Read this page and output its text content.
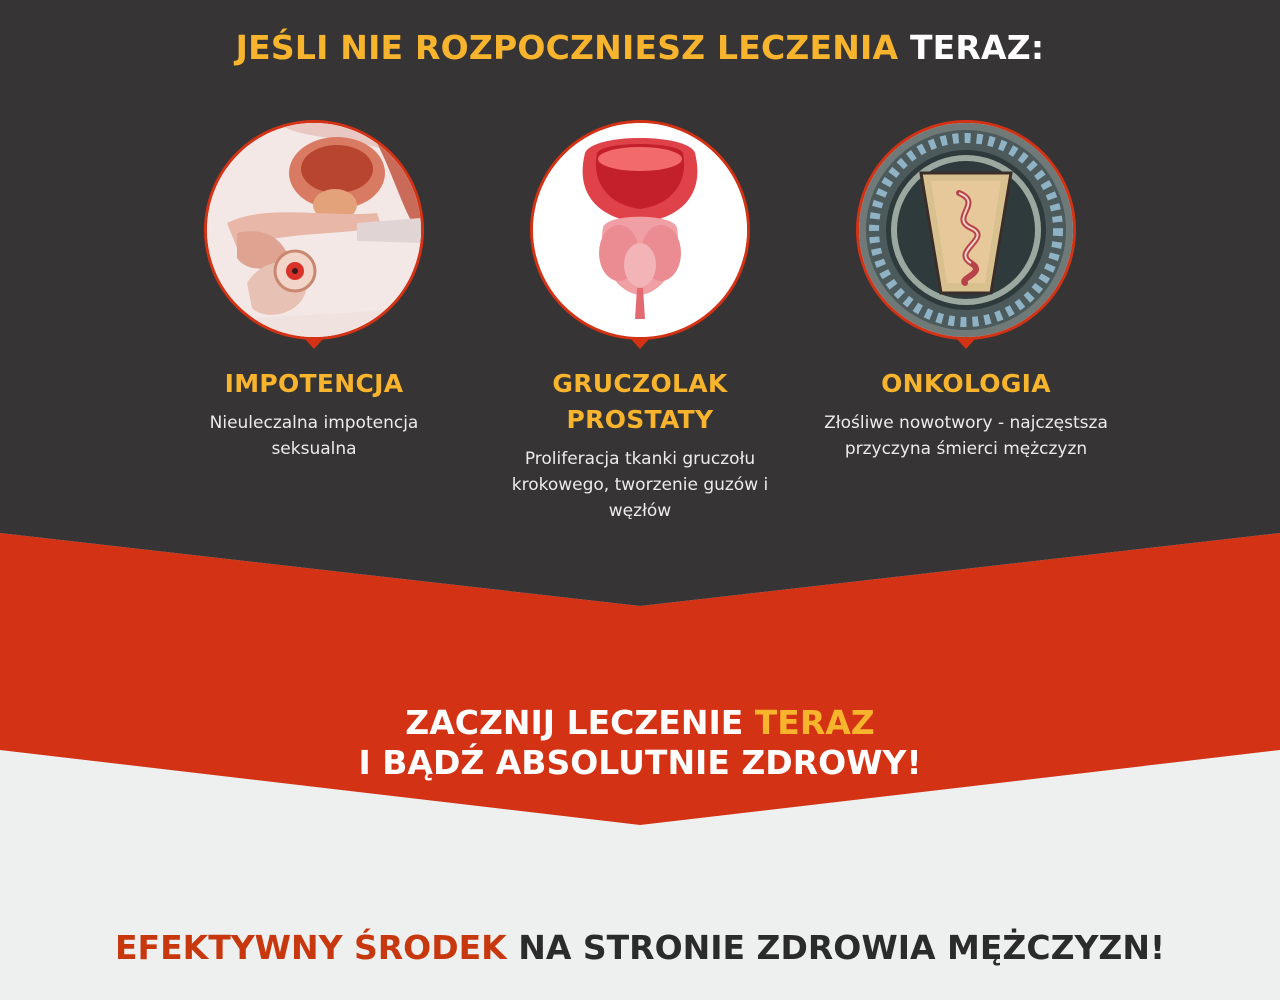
JEŚLI NIE ROZPOCZNIESZ LECZENIA TERAZ:
IMPOTENCJA

Nieuleczalna impotencja seksualna

GRUCZOLAK PROSTATY

Proliferacja tkanki gruczołu krokowego, tworzenie guzów i węzłów

ONKOLOGIA

Złośliwe nowotwory - najczęstsza przyczyna śmierci mężczyzn

ZACZNIJ LECZENIE TERAZ
I BĄDŹ ABSOLUTNIE ZDROWY!
EFEKTYWNY ŚRODEK NA STRONIE ZDROWIA MĘŻCZYZN!
